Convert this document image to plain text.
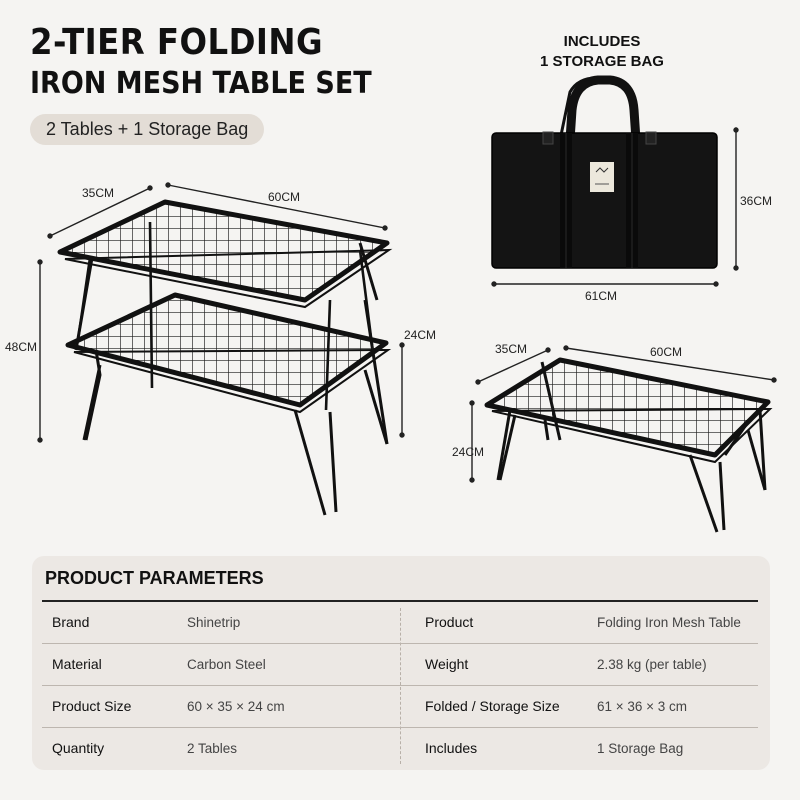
2-TIER FOLDING
IRON MESH TABLE SET
2 Tables + 1 Storage Bag
INCLUDES
1 STORAGE BAG
35CM	60CM
48CM
24CM
36CM
61CM
35CM	60CM
24CM
PRODUCT PARAMETERS
Brand	Shinetrip	Product	Folding Iron Mesh Table
Material	Carbon Steel	Weight	2.38 kg (per table)
Product Size	60 × 35 × 24 cm	Folded / Storage Size	61 × 36 × 3 cm
Quantity	2 Tables	Includes	1 Storage Bag
